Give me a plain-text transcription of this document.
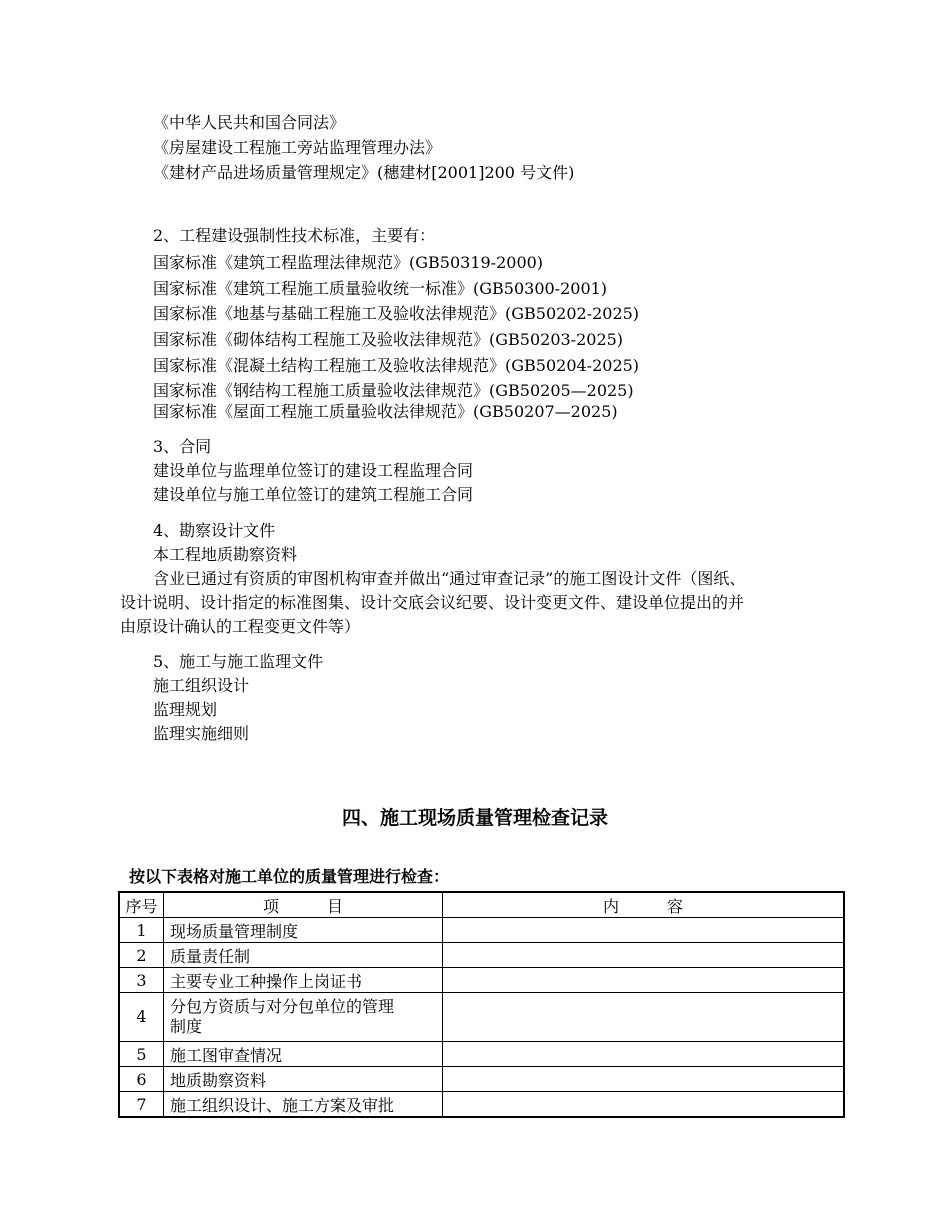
《中华人民共和国合同法》
《房屋建设工程施工旁站监理管理办法》
《建材产品进场质量管理规定》(穗建材[2001]200 号文件)
2、工程建设强制性技术标准，主要有：
国家标准《建筑工程监理法律规范》(GB50319-2000)
国家标准《建筑工程施工质量验收统一标准》(GB50300-2001)
国家标准《地基与基础工程施工及验收法律规范》(GB50202-2025)
国家标准《砌体结构工程施工及验收法律规范》(GB50203-2025)
国家标准《混凝土结构工程施工及验收法律规范》(GB50204-2025)
国家标准《钢结构工程施工质量验收法律规范》(GB50205—2025)
国家标准《屋面工程施工质量验收法律规范》(GB50207—2025)
3、合同
建设单位与监理单位签订的建设工程监理合同
建设单位与施工单位签订的建筑工程施工合同
4、勘察设计文件
本工程地质勘察资料
含业已通过有资质的审图机构审查并做出“通过审查记录”的施工图设计文件（图纸、
设计说明、设计指定的标准图集、设计交底会议纪要、设计变更文件、建设单位提出的并
由原设计确认的工程变更文件等）
5、施工与施工监理文件
施工组织设计
监理规划
监理实施细则
四、施工现场质量管理检查记录
按以下表格对施工单位的质量管理进行检查：
序号	项　　　目	内　　　容
1	现场质量管理制度	
2	质量责任制	
3	主要专业工种操作上岗证书	
4	分包方资质与对分包单位的管理
制度	

5	施工图审查情况	
6	地质勘察资料	
7	施工组织设计、施工方案及审批	
